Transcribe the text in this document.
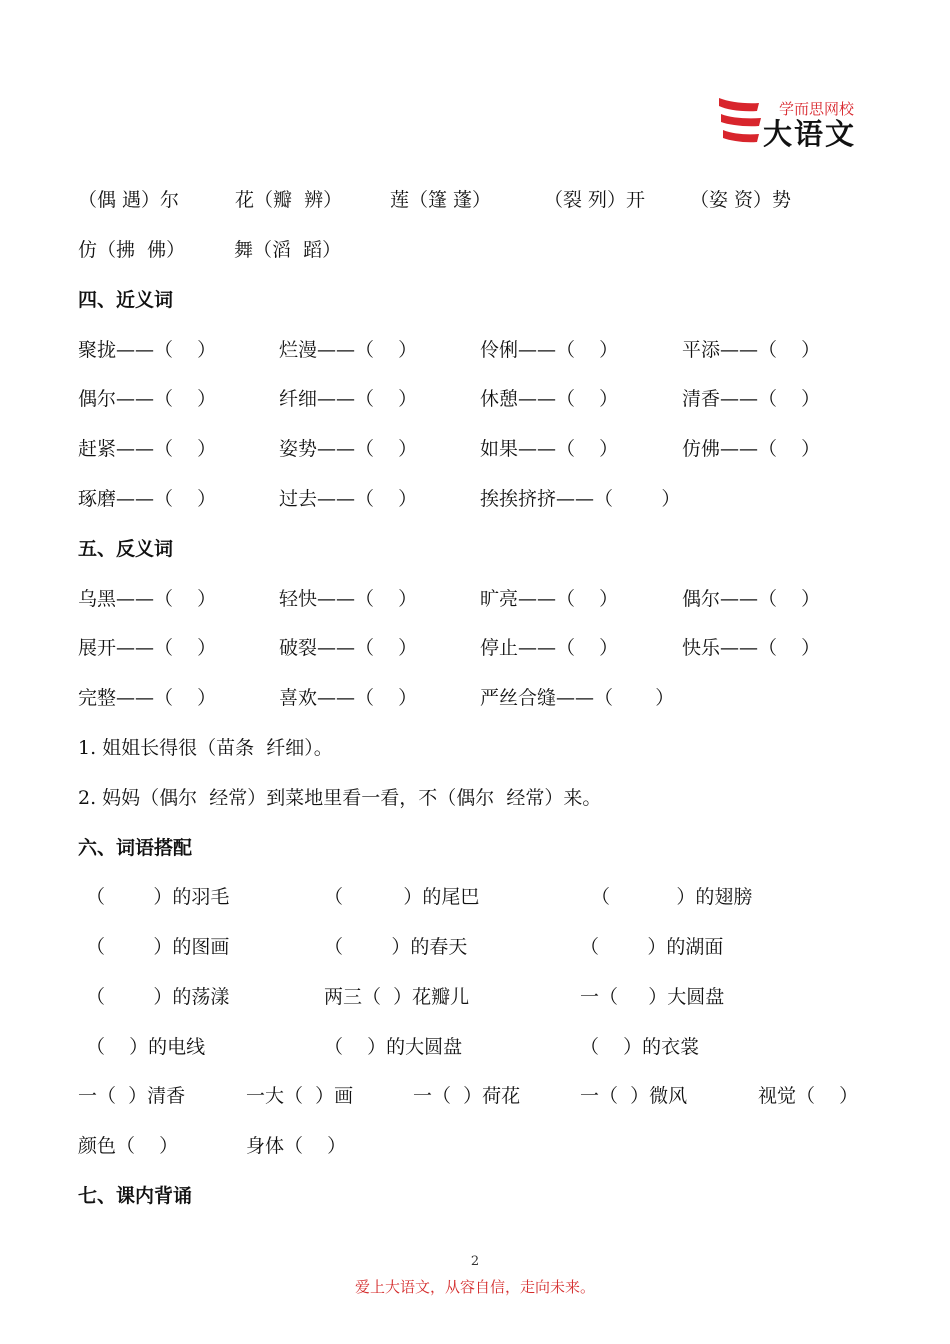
学而思网校
大语文
（偶 遇）尔	花（瓣  辨）	莲（篷 蓬）	（裂 列）开 （姿 资）势
仿（拂  佛）	舞（滔  蹈）
四、近义词
聚拢——（    ）	烂漫——（    ）	伶俐——（    ）	平添——（    ）
偶尔——（    ）	纤细——（    ）	休憩——（    ）	清香——（    ）
赶紧——（    ）	姿势——（    ）	如果——（    ）	仿佛——（    ）
琢磨——（    ）	过去——（    ）	挨挨挤挤——（        ）
五、反义词
乌黑——（    ）	轻快——（    ）	旷亮——（    ）	偶尔——（    ）
展开——（    ）	破裂——（    ）	停止——（    ）	快乐——（    ）
完整——（    ）	喜欢——（    ）	严丝合缝——（       ）
1. 姐姐长得很（苗条  纤细）。
2. 妈妈（偶尔  经常）到菜地里看一看，不（偶尔  经常）来。
六、词语搭配
（        ）的羽毛	（          ）的尾巴	（           ）的翅膀
（        ）的图画	（        ）的春天	（        ）的湖面
（        ）的荡漾	两三（  ）花瓣儿	一（     ）大圆盘
（    ）的电线	（    ）的大圆盘	（    ）的衣裳
一（  ）清香	一大（  ）画	一（  ）荷花	一（  ）微风	视觉（    ）
颜色（    ）	身体（    ）
七、课内背诵
2
爱上大语文，从容自信，走向未来。
